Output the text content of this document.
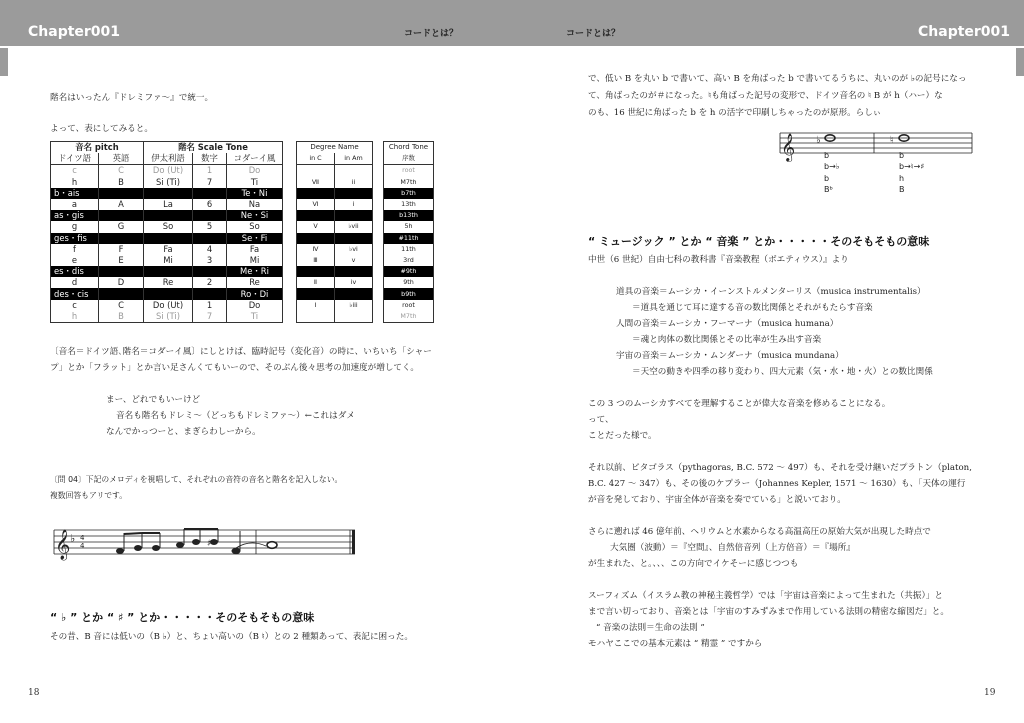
Chapter001	コードとは？	コードとは？	Chapter001
階名はいったん『ドレミファ〜』で統一。
よって、表にしてみると。
音名 pitch		階名 Scale Tone		
ドイツ語	英語	伊太利語	数字	コダーイ風
c	C	Do (Ut)	1	Do
h	B	Si (Ti)	7	Ti
b・ais				Te・Ni
a	A	La	6	Na
as・gis				Ne・Si
g	G	So	5	So
ges・fis				Se・Fi
f	F	Fa	4	Fa
e	E	Mi	3	Mi
es・dis				Me・Ri
d	D	Re	2	Re
des・cis				Ro・Di
c	C	Do (Ut)	1	Do
h	B	Si (Ti)	7	Ti
Degree Name	
in C	in Am

Ⅶ	ii

Ⅵ	i

Ⅴ	♭vii

Ⅳ	♭vi
Ⅲ	v

Ⅱ	iv

Ⅰ	♭iii

Chord Tone
序数
root
M7th
b7th
13th
b13th
5h
#11th
11th
3rd
#9th
9th
b9th
root
M7th
〔音名＝ドイツ語､階名＝コダーイ風〕にしとけば、臨時記号（変化音）の時に、いちいち「シャー
プ」とか「フラット」とか言い足さんくてもいーので、そのぶん後々思考の加速度が増してく。
まー、どれでもいーけど
音名も階名もドレミ〜（どっちもドレミファ〜）←これはダメ
なんでかっつーと、まぎらわしーから。
〔問 04〕下記のメロディを視唱して、それぞれの音符の音名と階名を記入しない。
複数回答もアリです。
𝄞 ♭ 4
4	♯
“ ♭ ” とか “ ♯ ” とか・・・・・そのそもそもの意味
その昔、B 音には低いの（B ♭）と、ちょい高いの（B ♮）との 2 種類あって、表記に困った。
18
で、低い B を丸い b で書いて、高い B を角ばった b で書いてるうちに、丸いのが ♭の記号になっ
て、角ばったのが＃になった。♮も角ばった記号の変形で、ドイツ音名の ♮ B が h（ハー）な
のも、16 世紀に角ばった b を h の活字で印刷しちゃったのが原形。らしぃ
𝄞 ♭	♮
b
b→♭
b
Bᵇ
b
b→♮→♯
h
B
“ ミュージック ” とか “ 音楽 ” とか・・・・・そのそもそもの意味
中世（6 世紀）自由七科の教科書『音楽教程（ボエティウス）』より
道具の音楽＝ムーシカ・イーンストルメンターリス（musica instrumentalis）
＝道具を通じて耳に達する音の数比関係とそれがもたらす音楽
人間の音楽＝ムーシカ・フーマーナ（musica humana）
＝魂と肉体の数比関係とその比率が生み出す音楽
宇宙の音楽＝ムーシカ・ムンダーナ（musica mundana）
＝天空の動きや四季の移り変わり、四大元素（気・水・地・火）との数比関係
この 3 つのムーシカすべてを理解することが偉大な音楽を修めることになる。
って、
ことだった様で。
それ以前、ピタゴラス（pythagoras, B.C. 572 〜 497）も、それを受け継いだプラトン（platon,
B.C. 427 〜 347）も、その後のケプラー（Johannes Kepler, 1571 〜 1630）も、「天体の運行
が音を発しており、宇宙全体が音楽を奏でている」と説いており。
さらに遡れば 46 億年前、ヘリウムと水素からなる高温高圧の原始大気が出現した時点で
大気圏（波動）＝『空間』、自然倍音列（上方倍音）＝『場所』
が生まれた、と。、、、この方向でイケそーに感じつつも
スーフィズム（イスラム教の神秘主義哲学）では「宇宙は音楽によって生まれた（共振）」と
まで言い切っており、音楽とは「宇宙のすみずみまで作用している法則の精密な縮図だ」と。
“ 音楽の法則＝生命の法則 ”
モハヤここでの基本元素は “ 精霊 ” ですから
19
